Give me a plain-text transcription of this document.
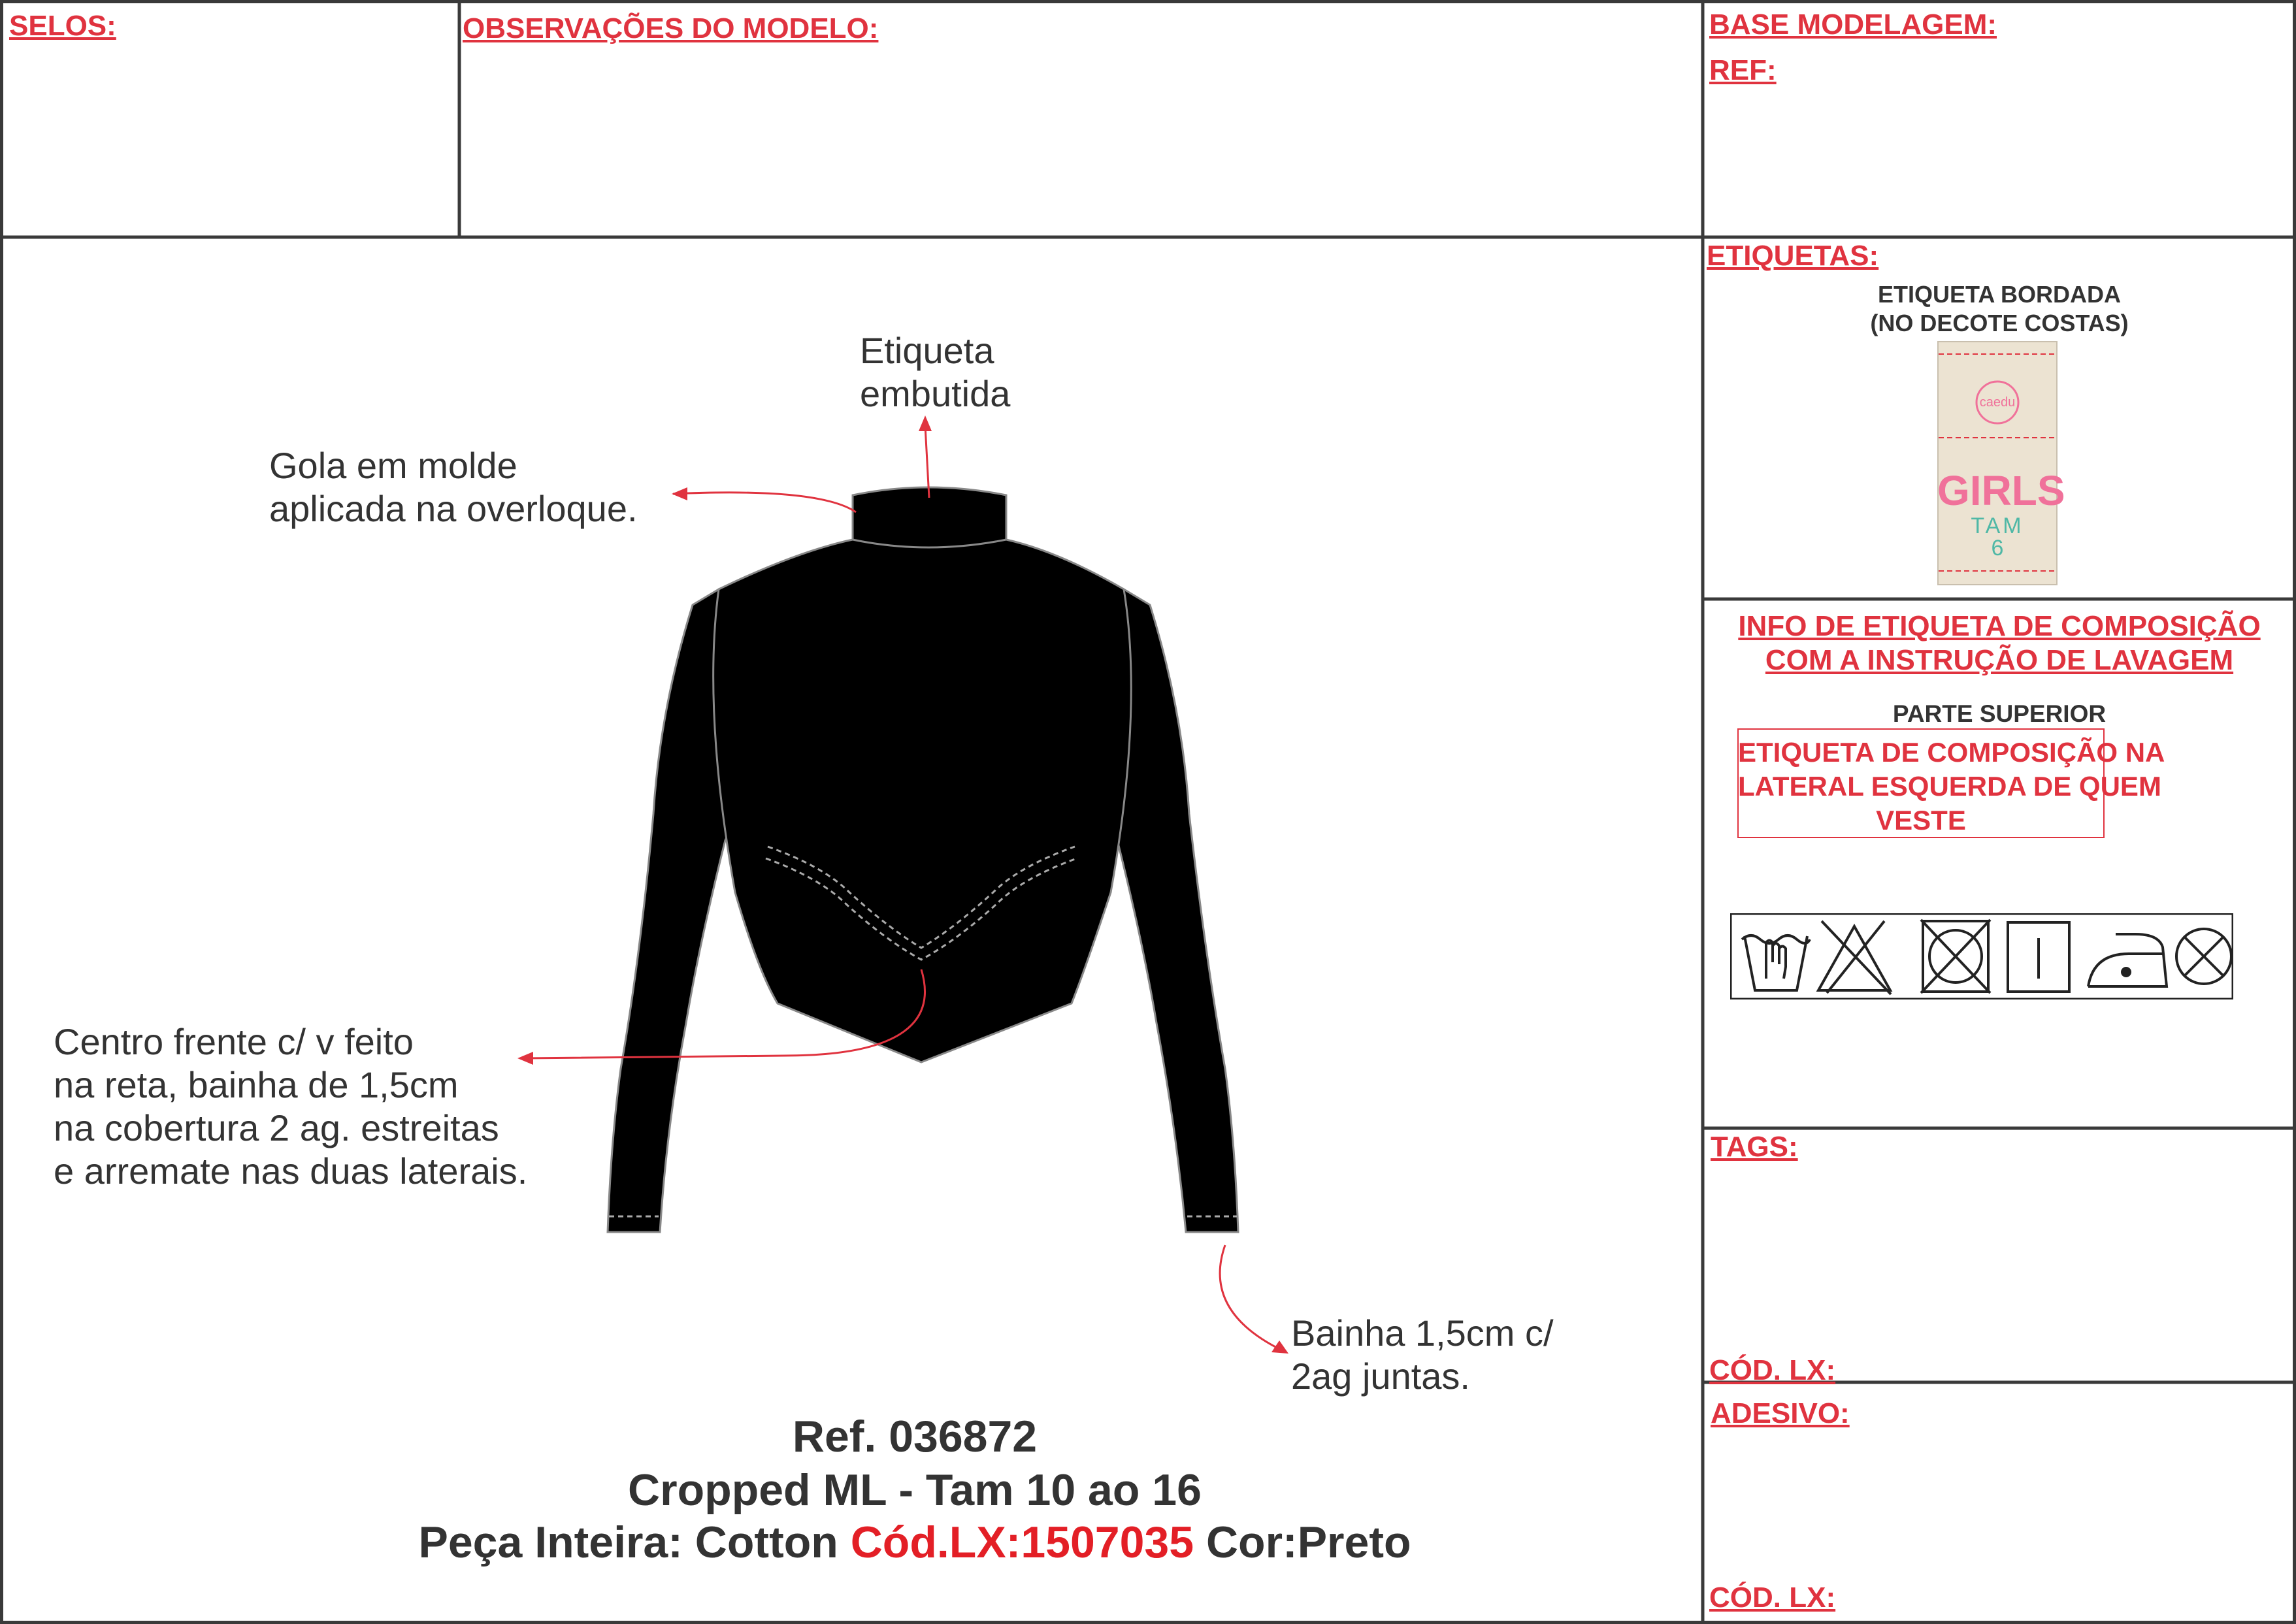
SELOS:	OBSERVAÇÕES DO MODELO:	BASE MODELAGEM:
REF:
ETIQUETAS:
TAGS:
CÓD. LX:
ADESIVO:
CÓD. LX:
ETIQUETA BORDADA
(NO DECOTE COSTAS)
caedu
GIRLS
TAM
6
INFO DE ETIQUETA DE COMPOSIÇÃO
COM A INSTRUÇÃO DE LAVAGEM
PARTE SUPERIOR
ETIQUETA DE COMPOSIÇÃO NA
LATERAL ESQUERDA DE QUEM
VESTE
Etiqueta
embutida
Gola em molde
aplicada na overloque.
Centro frente c/ v feito
na reta, bainha de 1,5cm
na cobertura 2 ag. estreitas
e arremate nas duas laterais.
Bainha 1,5cm c/
2ag juntas.
Ref. 036872
Cropped ML - Tam 10 ao 16
Peça Inteira: Cotton Cód.LX:1507035 Cor:Preto
